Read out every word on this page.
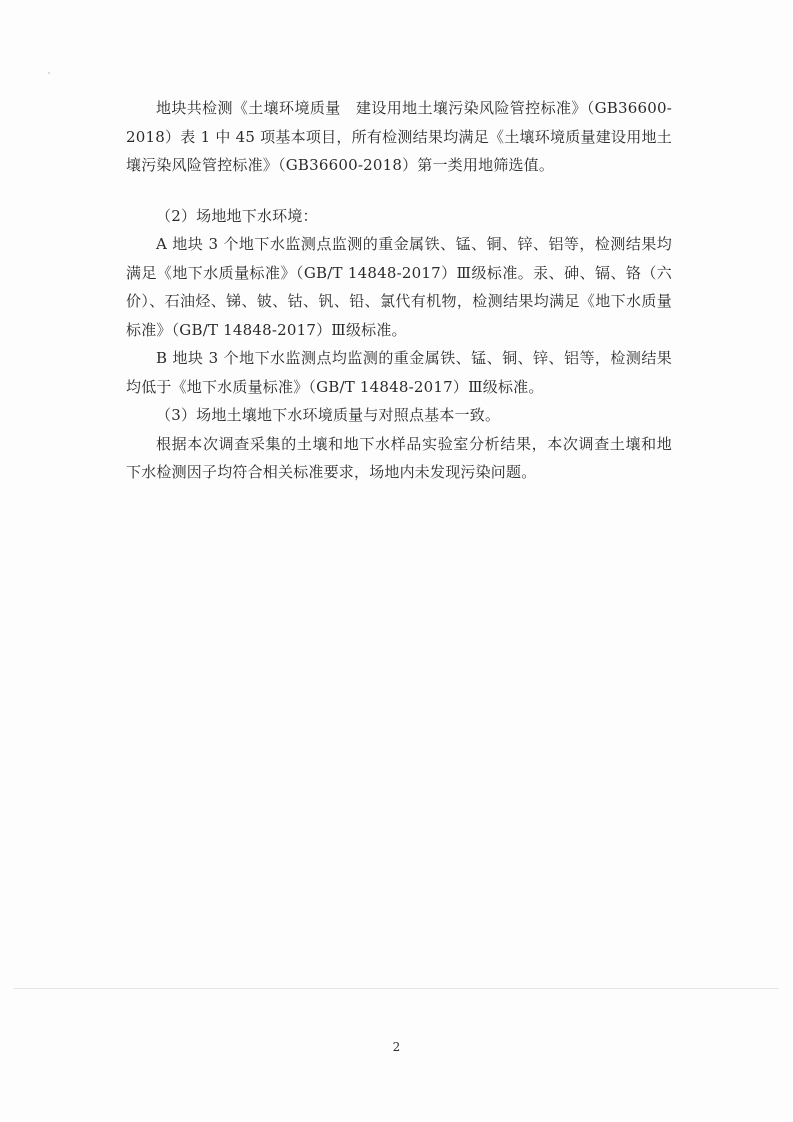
地块共检测《土壤环境质量　建设用地土壤污染风险管控标准》（GB36600-2018）表 1 中 45 项基本项目，所有检测结果均满足《土壤环境质量建设用地土壤污染风险管控标准》（GB36600-2018）第一类用地筛选值。

（2）场地地下水环境：

A 地块 3 个地下水监测点监测的重金属铁、锰、铜、锌、铝等，检测结果均满足《地下水质量标准》（GB/T 14848-2017）Ⅲ级标准。汞、砷、镉、铬（六价）、石油烃、锑、铍、钴、钒、铅、氯代有机物，检测结果均满足《地下水质量标准》（GB/T 14848-2017）Ⅲ级标准。

B 地块 3 个地下水监测点均监测的重金属铁、锰、铜、锌、铝等，检测结果均低于《地下水质量标准》（GB/T 14848-2017）Ⅲ级标准。

（3）场地土壤地下水环境质量与对照点基本一致。

根据本次调查采集的土壤和地下水样品实验室分析结果，本次调查土壤和地下水检测因子均符合相关标准要求，场地内未发现污染问题。

2
